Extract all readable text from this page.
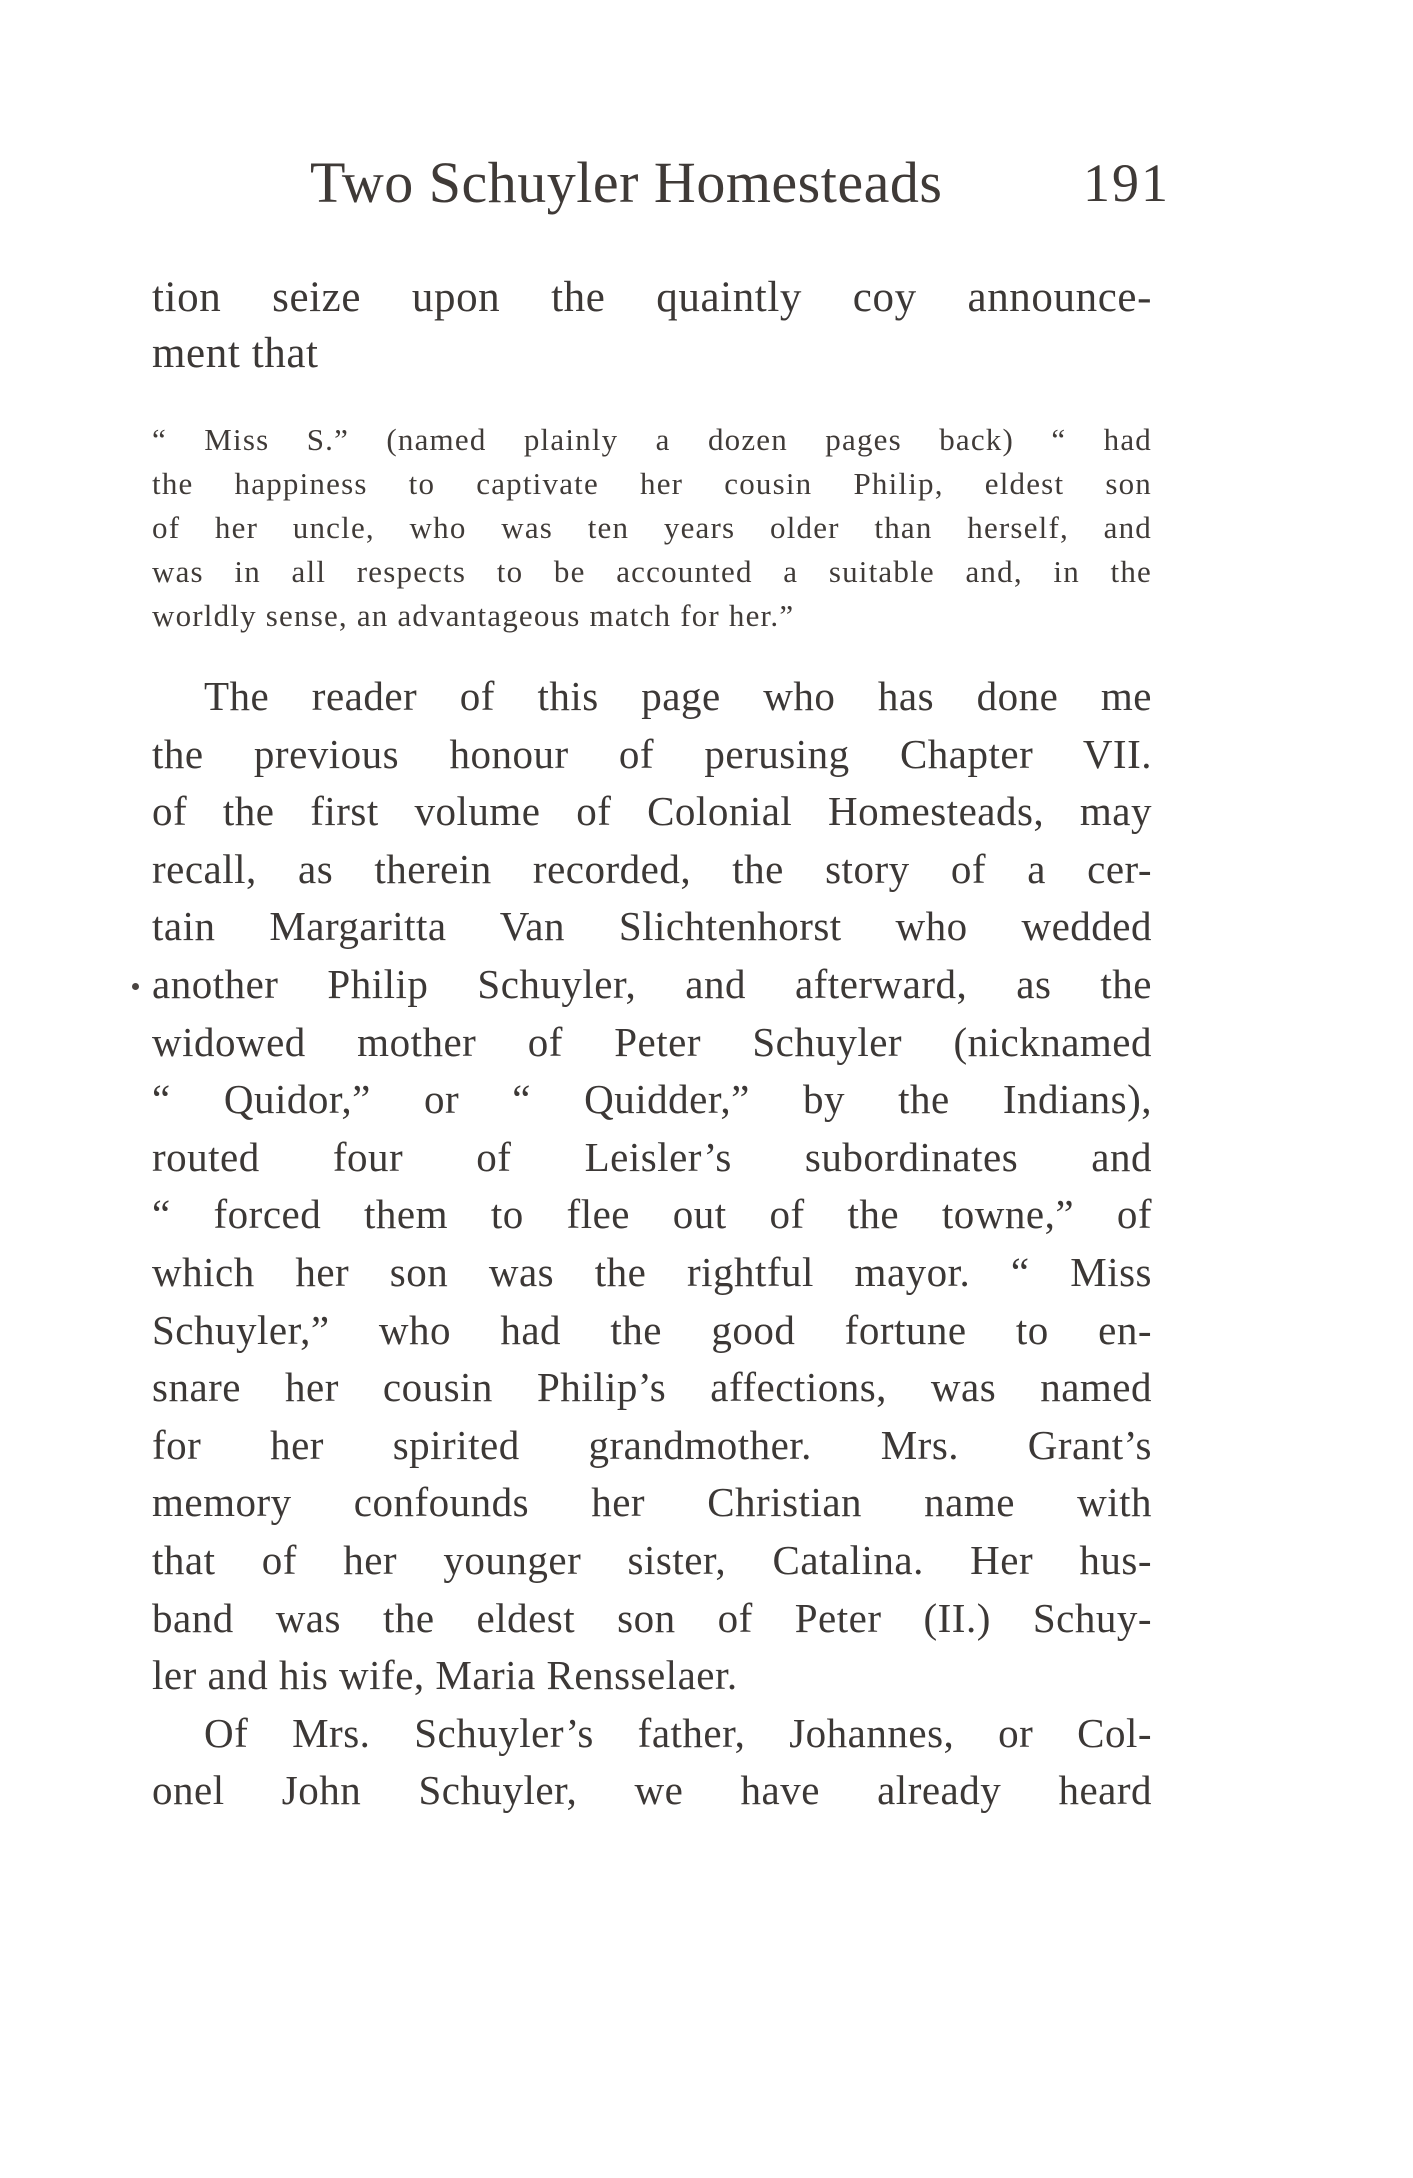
Two Schuyler Homesteads	191
tion seize upon the quaintly coy announce-
ment that
“ Miss S.” (named plainly a dozen pages back) “ had
the happiness to captivate her cousin Philip, eldest son
of her uncle, who was ten years older than herself, and
was in all respects to be accounted a suitable and, in the
worldly sense, an advantageous match for her.”
The reader of this page who has done me
the previous honour of perusing Chapter VII.
of the first volume of Colonial Homesteads, may
recall, as therein recorded, the story of a cer-
tain Margaritta Van Slichtenhorst who wedded
another Philip Schuyler, and afterward, as the
widowed mother of Peter Schuyler (nicknamed
“ Quidor,” or “ Quidder,” by the Indians),
routed four of Leisler’s subordinates and
“ forced them to flee out of the towne,” of
which her son was the rightful mayor. “ Miss
Schuyler,” who had the good fortune to en-
snare her cousin Philip’s affections, was named
for her spirited grandmother. Mrs. Grant’s
memory confounds her Christian name with
that of her younger sister, Catalina. Her hus-
band was the eldest son of Peter (II.) Schuy-
ler and his wife, Maria Rensselaer.
Of Mrs. Schuyler’s father, Johannes, or Col-
onel John Schuyler, we have already heard
